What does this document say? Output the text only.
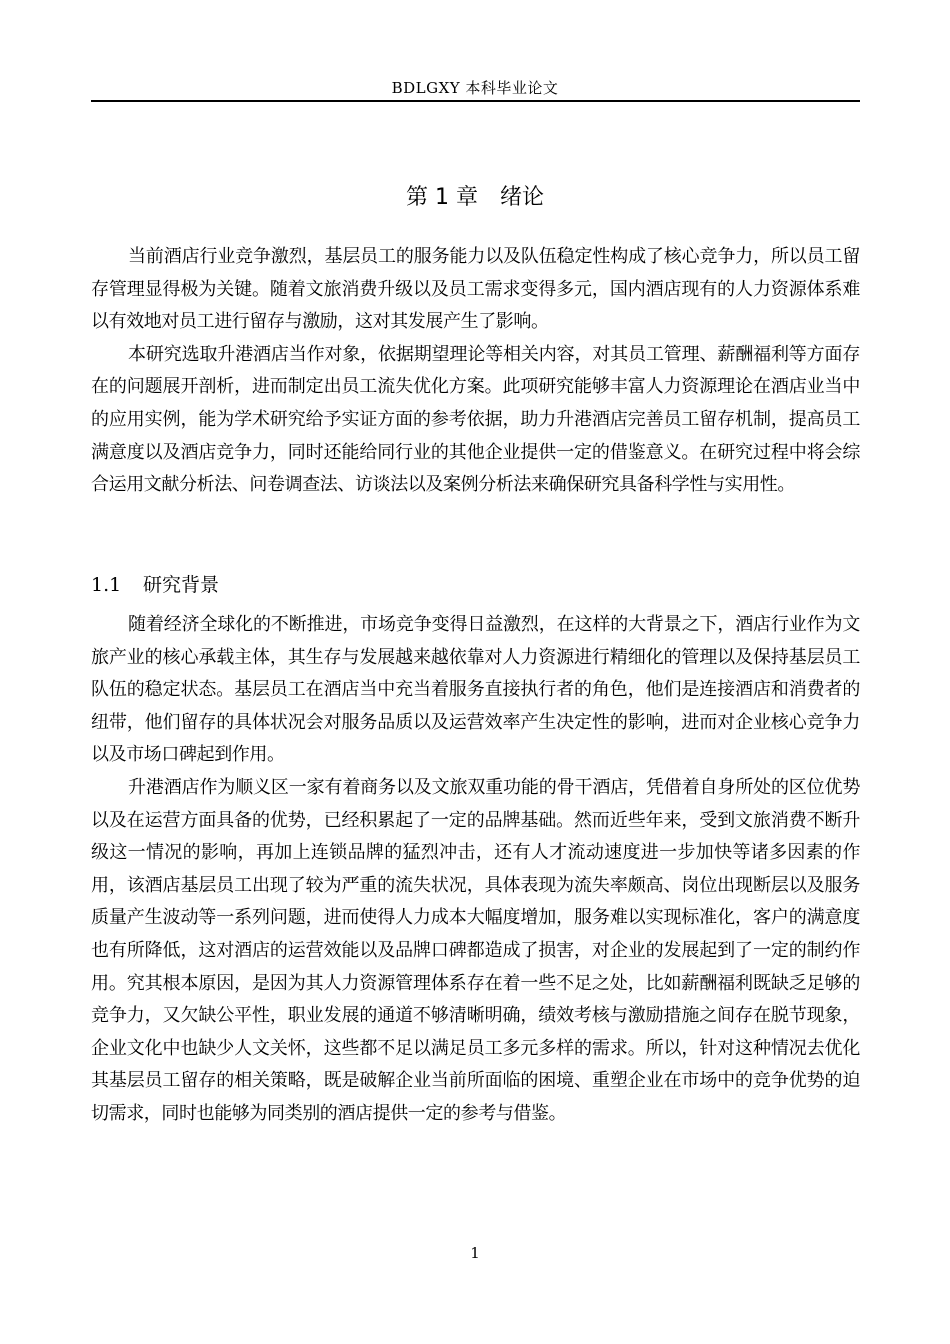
BDLGXY 本科毕业论文
第 1 章　绪论

当前酒店行业竞争激烈，基层员工的服务能力以及队伍稳定性构成了核心竞争力，所以员工留存管理显得极为关键。随着文旅消费升级以及员工需求变得多元，国内酒店现有的人力资源体系难以有效地对员工进行留存与激励，这对其发展产生了影响。

本研究选取升港酒店当作对象，依据期望理论等相关内容，对其员工管理、薪酬福利等方面存在的问题展开剖析，进而制定出员工流失优化方案。此项研究能够丰富人力资源理论在酒店业当中的应用实例，能为学术研究给予实证方面的参考依据，助力升港酒店完善员工留存机制，提高员工满意度以及酒店竞争力，同时还能给同行业的其他企业提供一定的借鉴意义。在研究过程中将会综合运用文献分析法、问卷调查法、访谈法以及案例分析法来确保研究具备科学性与实用性。

1.1 研究背景

随着经济全球化的不断推进，市场竞争变得日益激烈，在这样的大背景之下，酒店行业作为文旅产业的核心承载主体，其生存与发展越来越依靠对人力资源进行精细化的管理以及保持基层员工队伍的稳定状态。基层员工在酒店当中充当着服务直接执行者的角色，他们是连接酒店和消费者的纽带，他们留存的具体状况会对服务品质以及运营效率产生决定性的影响，进而对企业核心竞争力以及市场口碑起到作用。

升港酒店作为顺义区一家有着商务以及文旅双重功能的骨干酒店，凭借着自身所处的区位优势以及在运营方面具备的优势，已经积累起了一定的品牌基础。然而近些年来，受到文旅消费不断升级这一情况的影响，再加上连锁品牌的猛烈冲击，还有人才流动速度进一步加快等诸多因素的作用，该酒店基层员工出现了较为严重的流失状况，具体表现为流失率颇高、岗位出现断层以及服务质量产生波动等一系列问题，进而使得人力成本大幅度增加，服务难以实现标准化，客户的满意度也有所降低，这对酒店的运营效能以及品牌口碑都造成了损害，对企业的发展起到了一定的制约作用。究其根本原因，是因为其人力资源管理体系存在着一些不足之处，比如薪酬福利既缺乏足够的竞争力，又欠缺公平性，职业发展的通道不够清晰明确，绩效考核与激励措施之间存在脱节现象，企业文化中也缺少人文关怀，这些都不足以满足员工多元多样的需求。所以，针对这种情况去优化其基层员工留存的相关策略，既是破解企业当前所面临的困境、重塑企业在市场中的竞争优势的迫切需求，同时也能够为同类别的酒店提供一定的参考与借鉴。

1
